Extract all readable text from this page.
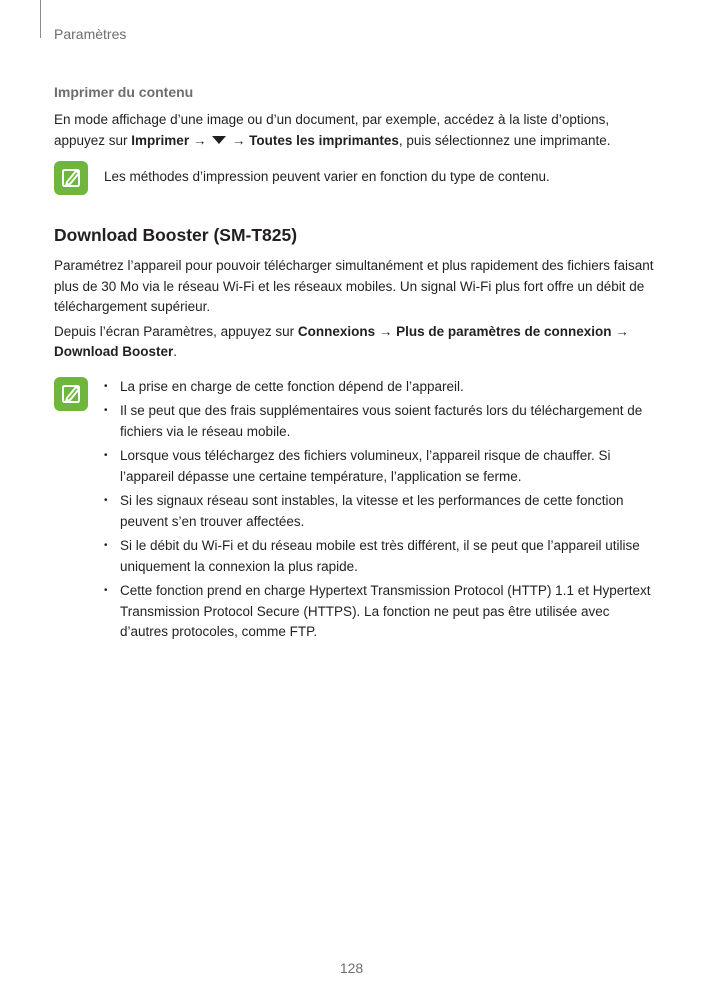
Paramètres
Imprimer du contenu

En mode affichage d’une image ou d’un document, par exemple, accédez à la liste d’options,
appuyez sur Imprimer →  → Toutes les imprimantes, puis sélectionnez une imprimante.

Les méthodes d’impression peuvent varier en fonction du type de contenu.

Download Booster (SM-T825)

Paramétrez l’appareil pour pouvoir télécharger simultanément et plus rapidement des fichiers faisant plus de 30 Mo via le réseau Wi-Fi et les réseaux mobiles. Un signal Wi-Fi plus fort offre un débit de téléchargement supérieur.

Depuis l’écran Paramètres, appuyez sur Connexions → Plus de paramètres de connexion → Download Booster.

• La prise en charge de cette fonction dépend de l’appareil.
• Il se peut que des frais supplémentaires vous soient facturés lors du téléchargement de fichiers via le réseau mobile.
• Lorsque vous téléchargez des fichiers volumineux, l’appareil risque de chauffer. Si l’appareil dépasse une certaine température, l’application se ferme.
• Si les signaux réseau sont instables, la vitesse et les performances de cette fonction peuvent s’en trouver affectées.
• Si le débit du Wi-Fi et du réseau mobile est très différent, il se peut que l’appareil utilise uniquement la connexion la plus rapide.
• Cette fonction prend en charge Hypertext Transmission Protocol (HTTP) 1.1 et Hypertext Transmission Protocol Secure (HTTPS). La fonction ne peut pas être utilisée avec d’autres protocoles, comme FTP.
128
